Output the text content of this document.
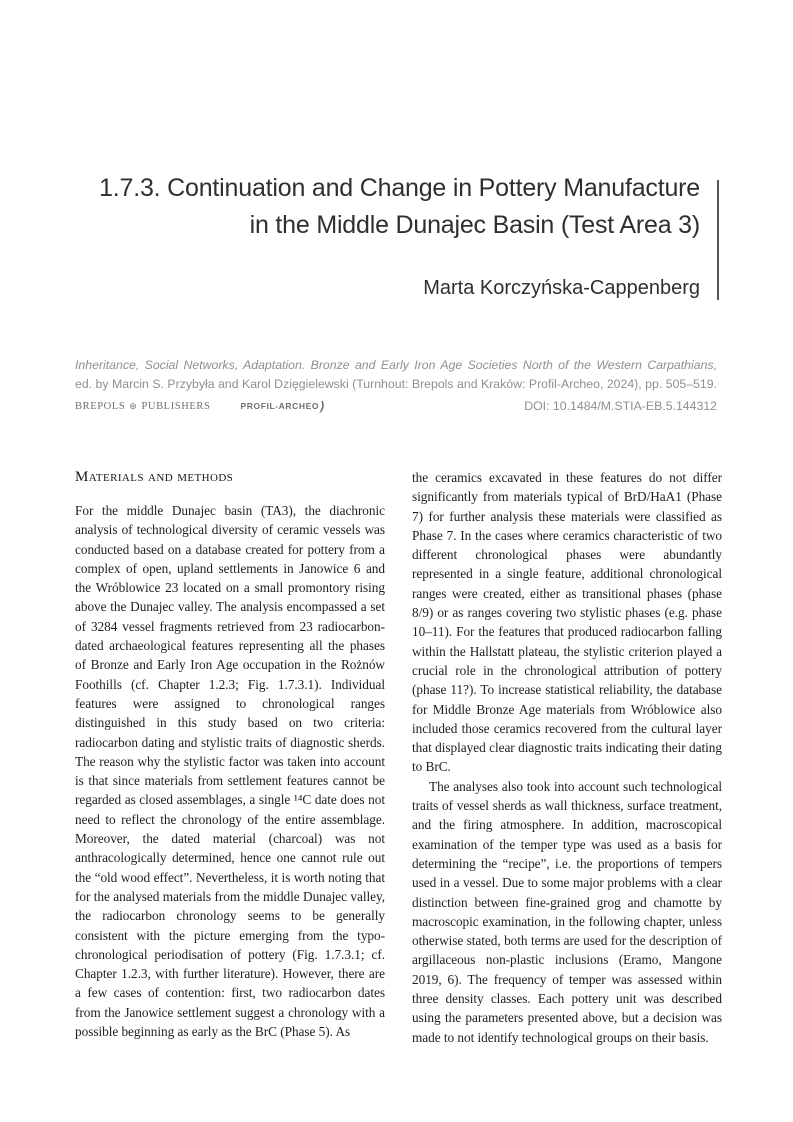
1.7.3. Continuation and Change in Pottery Manufacture
in the Middle Dunajec Basin (Test Area 3)
Marta Korczyńska-Cappenberg
Inheritance, Social Networks, Adaptation. Bronze and Early Iron Age Societies North of the Western Carpathians,
ed. by Marcin S. Przybyła and Karol Dzięgielewski (Turnhout: Brepols and Kraków: Profil-Archeo, 2024), pp. 505–519.
BREPOLS ⊛ PUBLISHERS	PROFIL-ARCHEO )	DOI: 10.1484/M.STIA-EB.5.144312
Materials and methods

For the middle Dunajec basin (TA3), the diachronic analysis of technological diversity of ceramic vessels was conducted based on a database created for pottery from a complex of open, upland settlements in Janowice 6 and the Wróblowice 23 located on a small promontory rising above the Dunajec valley. The analysis encompassed a set of 3284 vessel fragments retrieved from 23 radiocarbon-dated archaeological features representing all the phases of Bronze and Early Iron Age occupation in the Rożnów Foothills (cf. Chapter 1.2.3; Fig. 1.7.3.1). Individual features were assigned to chronological ranges distinguished in this study based on two criteria: radiocarbon dating and stylistic traits of diagnostic sherds. The reason why the stylistic factor was taken into account is that since materials from settlement features cannot be regarded as closed assemblages, a single ¹⁴C date does not need to reflect the chronology of the entire assemblage. Moreover, the dated material (charcoal) was not anthracologically determined, hence one cannot rule out the “old wood effect”. Nevertheless, it is worth noting that for the analysed materials from the middle Dunajec valley, the radiocarbon chronology seems to be generally consistent with the picture emerging from the typo-chronological periodisation of pottery (Fig. 1.7.3.1; cf. Chapter 1.2.3, with further literature). However, there are a few cases of contention: first, two radiocarbon dates from the Janowice settlement suggest a chronology with a possible beginning as early as the BrC (Phase 5). As

the ceramics excavated in these features do not differ significantly from materials typical of BrD/HaA1 (Phase 7) for further analysis these materials were classified as Phase 7. In the cases where ceramics characteristic of two different chronological phases were abundantly represented in a single feature, additional chronological ranges were created, either as transitional phases (phase 8/9) or as ranges covering two stylistic phases (e.g. phase 10–11). For the features that produced radiocarbon falling within the Hallstatt plateau, the stylistic criterion played a crucial role in the chronological attribution of pottery (phase 11?). To increase statistical reliability, the database for Middle Bronze Age materials from Wróblowice also included those ceramics recovered from the cultural layer that displayed clear diagnostic traits indicating their dating to BrC.

The analyses also took into account such technological traits of vessel sherds as wall thickness, surface treatment, and the firing atmosphere. In addition, macroscopical examination of the temper type was used as a basis for determining the “recipe”, i.e. the proportions of tempers used in a vessel. Due to some major problems with a clear distinction between fine-grained grog and chamotte by macroscopic examination, in the following chapter, unless otherwise stated, both terms are used for the description of argillaceous non-plastic inclusions (Eramo, Mangone 2019, 6). The frequency of temper was assessed within three density classes. Each pottery unit was described using the parameters presented above, but a decision was made to not identify technological groups on their basis.
